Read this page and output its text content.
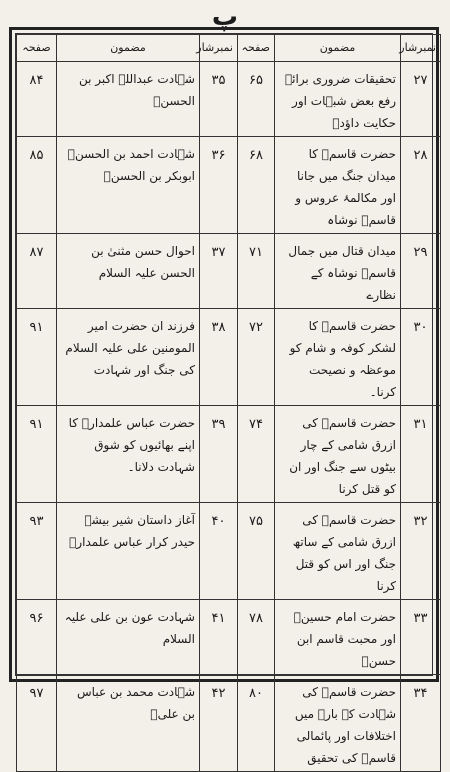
پ
نمبرشار	مضمون	صفحہ	نمبرشار	مضمون	صفحہ
۲۷	تحقیقات ضروری برائے رفع بعض شبہات اور حکایت داؤدؑ	۶۵	۳۵	شہادت عبداللہ اکبر بن الحسنؑ	۸۴
۲۸	حضرت قاسمؑ کا میدان جنگ میں جانا اور مکالمۂ عروس و قاسمؑ نوشاہ	۶۸	۳۶	شہادت احمد بن الحسنؑ ابوبکر بن الحسنؑ	۸۵
۲۹	میدان قتال میں جمال قاسمؑ نوشاہ کے نظارے	۷۱	۳۷	احوال حسن مثنیٰ بن الحسن علیہ السلام	۸۷
۳۰	حضرت قاسمؑ کا لشکر کوفہ و شام کو موعظہ و نصیحت کرنا۔	۷۲	۳۸	فرزند ان حضرت امیر المومنین علی علیہ السلام کی جنگ اور شہادت	۹۱
۳۱	حضرت قاسمؑ کی ازرق شامی کے چار بیٹوں سے جنگ اور ان کو قتل کرنا	۷۴	۳۹	حضرت عباس علمدارؑ کا اپنے بھائیوں کو شوق شہادت دلانا۔	۹۱
۳۲	حضرت قاسمؑ کی ازرق شامی کے ساتھ جنگ اور اس کو قتل کرنا	۷۵	۴۰	آغاز داستان شیر بیشۂ حیدر کرار عباس علمدارؑ	۹۳
۳۳	حضرت امام حسینؑ اور محبت قاسم ابن حسنؑ	۷۸	۴۱	شہادت عون بن علی علیہ السلام	۹۶
۳۴	حضرت قاسمؑ کی شہادت کے بارے میں اختلافات اور پائمالی قاسمؑ کی تحقیق	۸۰	۴۲	شہادت محمد بن عباس بن علیؑ	۹۷
